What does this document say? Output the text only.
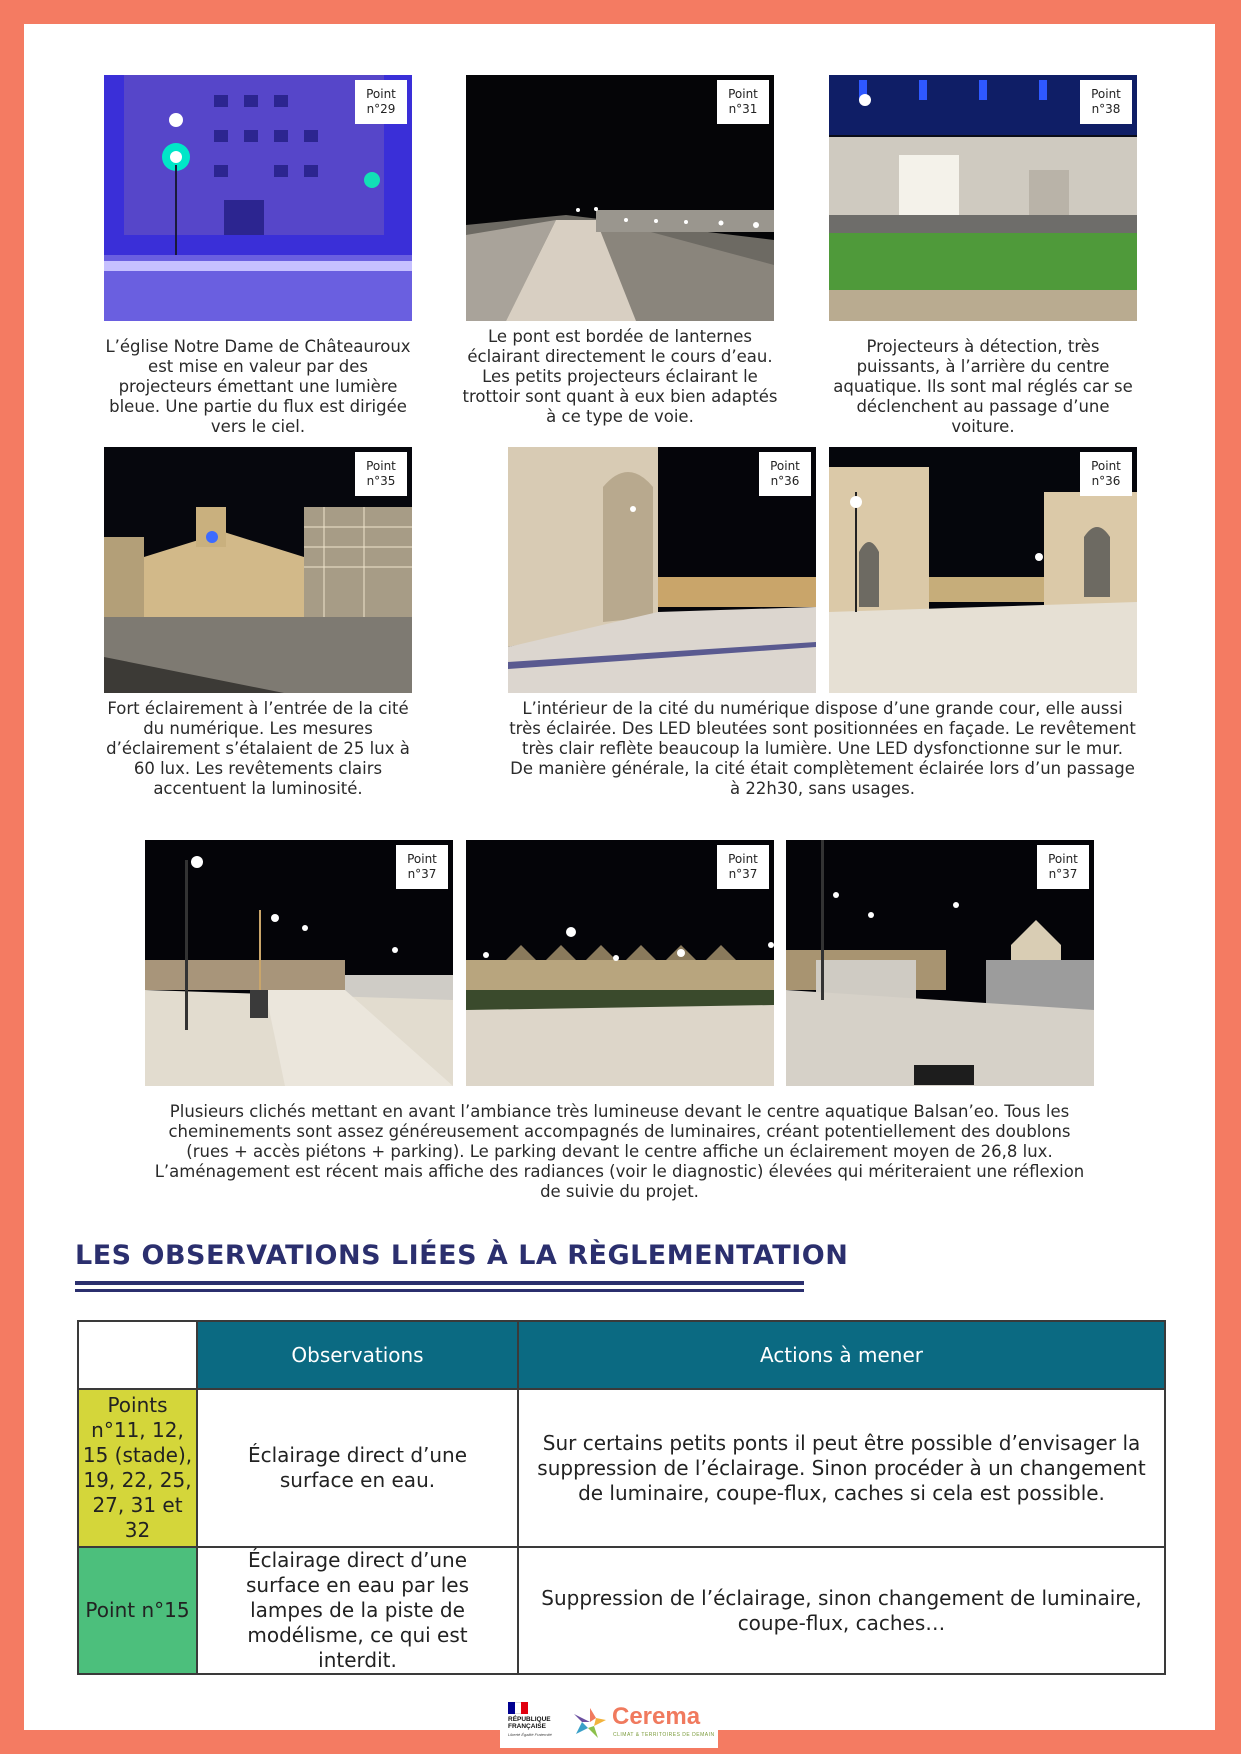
Point
n°29
Point
n°31
Point
n°38
L’église Notre Dame de Châteauroux est mise en valeur par des projecteurs émettant une lumière bleue. Une partie du flux est dirigée vers le ciel.
Le pont est bordée de lanternes éclairant directement le cours d’eau. Les petits projecteurs éclairant le trottoir sont quant à eux bien adaptés à ce type de voie.
Projecteurs à détection, très puissants, à l’arrière du centre aquatique. Ils sont mal réglés car se déclenchent au passage d’une voiture.
Point
n°35
Point
n°36
Point
n°36
Fort éclairement à l’entrée de la cité du numérique. Les mesures d’éclairement s’étalaient de 25 lux à 60 lux. Les revêtements clairs accentuent la luminosité.
L’intérieur de la cité du numérique dispose d’une grande cour, elle aussi très éclairée. Des LED bleutées sont positionnées en façade. Le revêtement très clair reflète beaucoup la lumière. Une LED dysfonctionne sur le mur. De manière générale, la cité était complètement éclairée lors d’un passage à 22h30, sans usages.
Point
n°37
Point
n°37
Point
n°37
Plusieurs clichés mettant en avant l’ambiance très lumineuse devant le centre aquatique Balsan’eo. Tous les cheminements sont assez généreusement accompagnés de luminaires, créant potentiellement des doublons (rues + accès piétons + parking). Le parking devant le centre affiche un éclairement moyen de 26,8 lux. L’aménagement est récent mais affiche des radiances (voir le diagnostic) élevées qui mériteraient une réflexion de suivie du projet.
LES OBSERVATIONS LIÉES À LA RÈGLEMENTATION
	Observations	Actions à mener
Points n°11, 12, 15 (stade), 19, 22, 25, 27, 31 et 32	Éclairage direct d’une surface en eau.	Sur certains petits ponts il peut être possible d’envisager la suppression de l’éclairage. Sinon procéder à un changement de luminaire, coupe-flux, caches si cela est possible.
Point n°15	Éclairage direct d’une surface en eau par les lampes de la piste de modélisme, ce qui est interdit.	Suppression de l’éclairage, sinon changement de luminaire, coupe-flux, caches…
RÉPUBLIQUE
FRANÇAISE
Liberté Égalité Fraternité
Cerema
CLIMAT & TERRITOIRES DE DEMAIN
